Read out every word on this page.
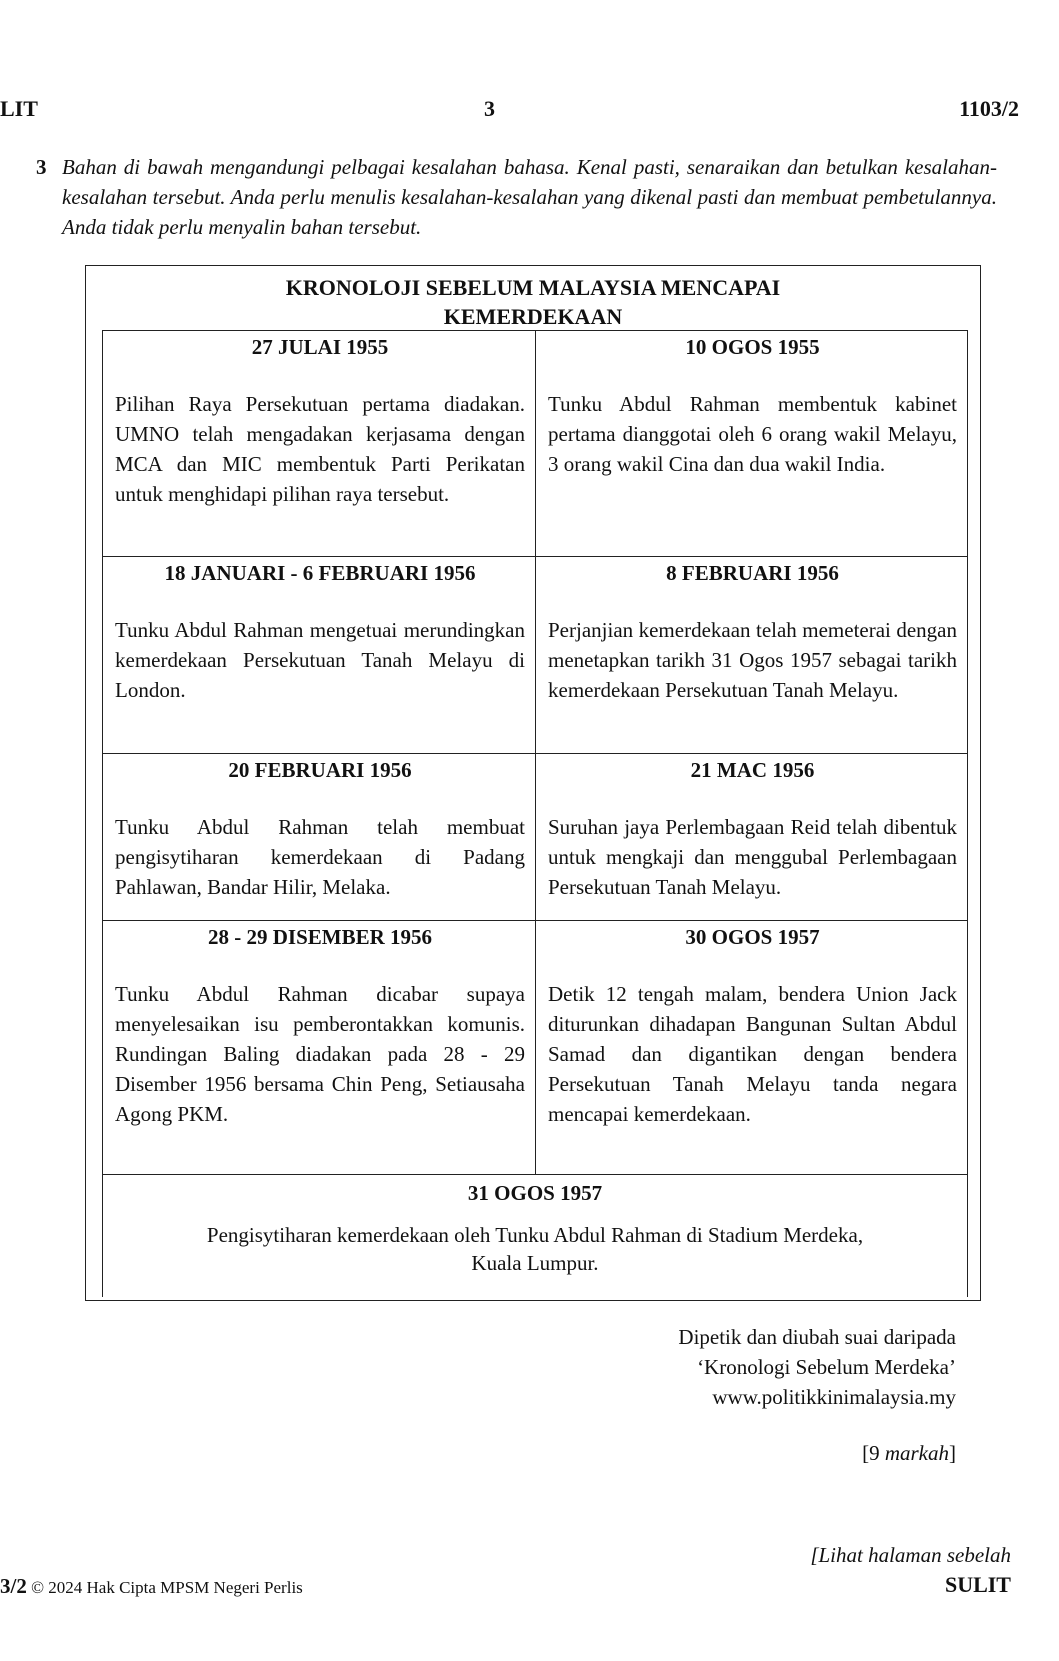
LIT	3	1103/2
3 Bahan di bawah mengandungi pelbagai kesalahan bahasa. Kenal pasti, senaraikan dan betulkan kesalahan-kesalahan tersebut. Anda perlu menulis kesalahan-kesalahan yang dikenal pasti dan membuat pembetulannya. Anda tidak perlu menyalin bahan tersebut.
KRONOLOJI SEBELUM MALAYSIA MENCAPAI
KEMERDEKAAN
27 JULAI 1955
Pilihan Raya Persekutuan pertama diadakan. UMNO telah mengadakan kerjasama dengan MCA dan MIC membentuk Parti Perikatan untuk menghidapi pilihan raya tersebut.
10 OGOS 1955
Tunku Abdul Rahman membentuk kabinet pertama dianggotai oleh 6 orang wakil Melayu, 3 orang wakil Cina dan dua wakil India.
18 JANUARI - 6 FEBRUARI 1956
Tunku Abdul Rahman mengetuai merundingkan kemerdekaan Persekutuan Tanah Melayu di London.
8 FEBRUARI 1956
Perjanjian kemerdekaan telah memeterai dengan menetapkan tarikh 31 Ogos 1957 sebagai tarikh kemerdekaan Persekutuan Tanah Melayu.
20 FEBRUARI 1956
Tunku Abdul Rahman telah membuat pengisytiharan kemerdekaan di Padang Pahlawan, Bandar Hilir, Melaka.
21 MAC 1956
Suruhan jaya Perlembagaan Reid telah dibentuk untuk mengkaji dan menggubal Perlembagaan Persekutuan Tanah Melayu.
28 - 29 DISEMBER 1956
Tunku Abdul Rahman dicabar supaya menyelesaikan isu pemberontakkan komunis. Rundingan Baling diadakan pada 28 - 29 Disember 1956 bersama Chin Peng, Setiausaha Agong PKM.
30 OGOS 1957
Detik 12 tengah malam, bendera Union Jack diturunkan dihadapan Bangunan Sultan Abdul Samad dan digantikan dengan bendera Persekutuan Tanah Melayu tanda negara mencapai kemerdekaan.
31 OGOS 1957
Pengisytiharan kemerdekaan oleh Tunku Abdul Rahman di Stadium Merdeka,
Kuala Lumpur.
Dipetik dan diubah suai daripada
‘Kronologi Sebelum Merdeka’
www.politikkinimalaysia.my
[9 markah]
3/2 © 2024 Hak Cipta MPSM Negeri Perlis
[Lihat halaman sebelah
SULIT
